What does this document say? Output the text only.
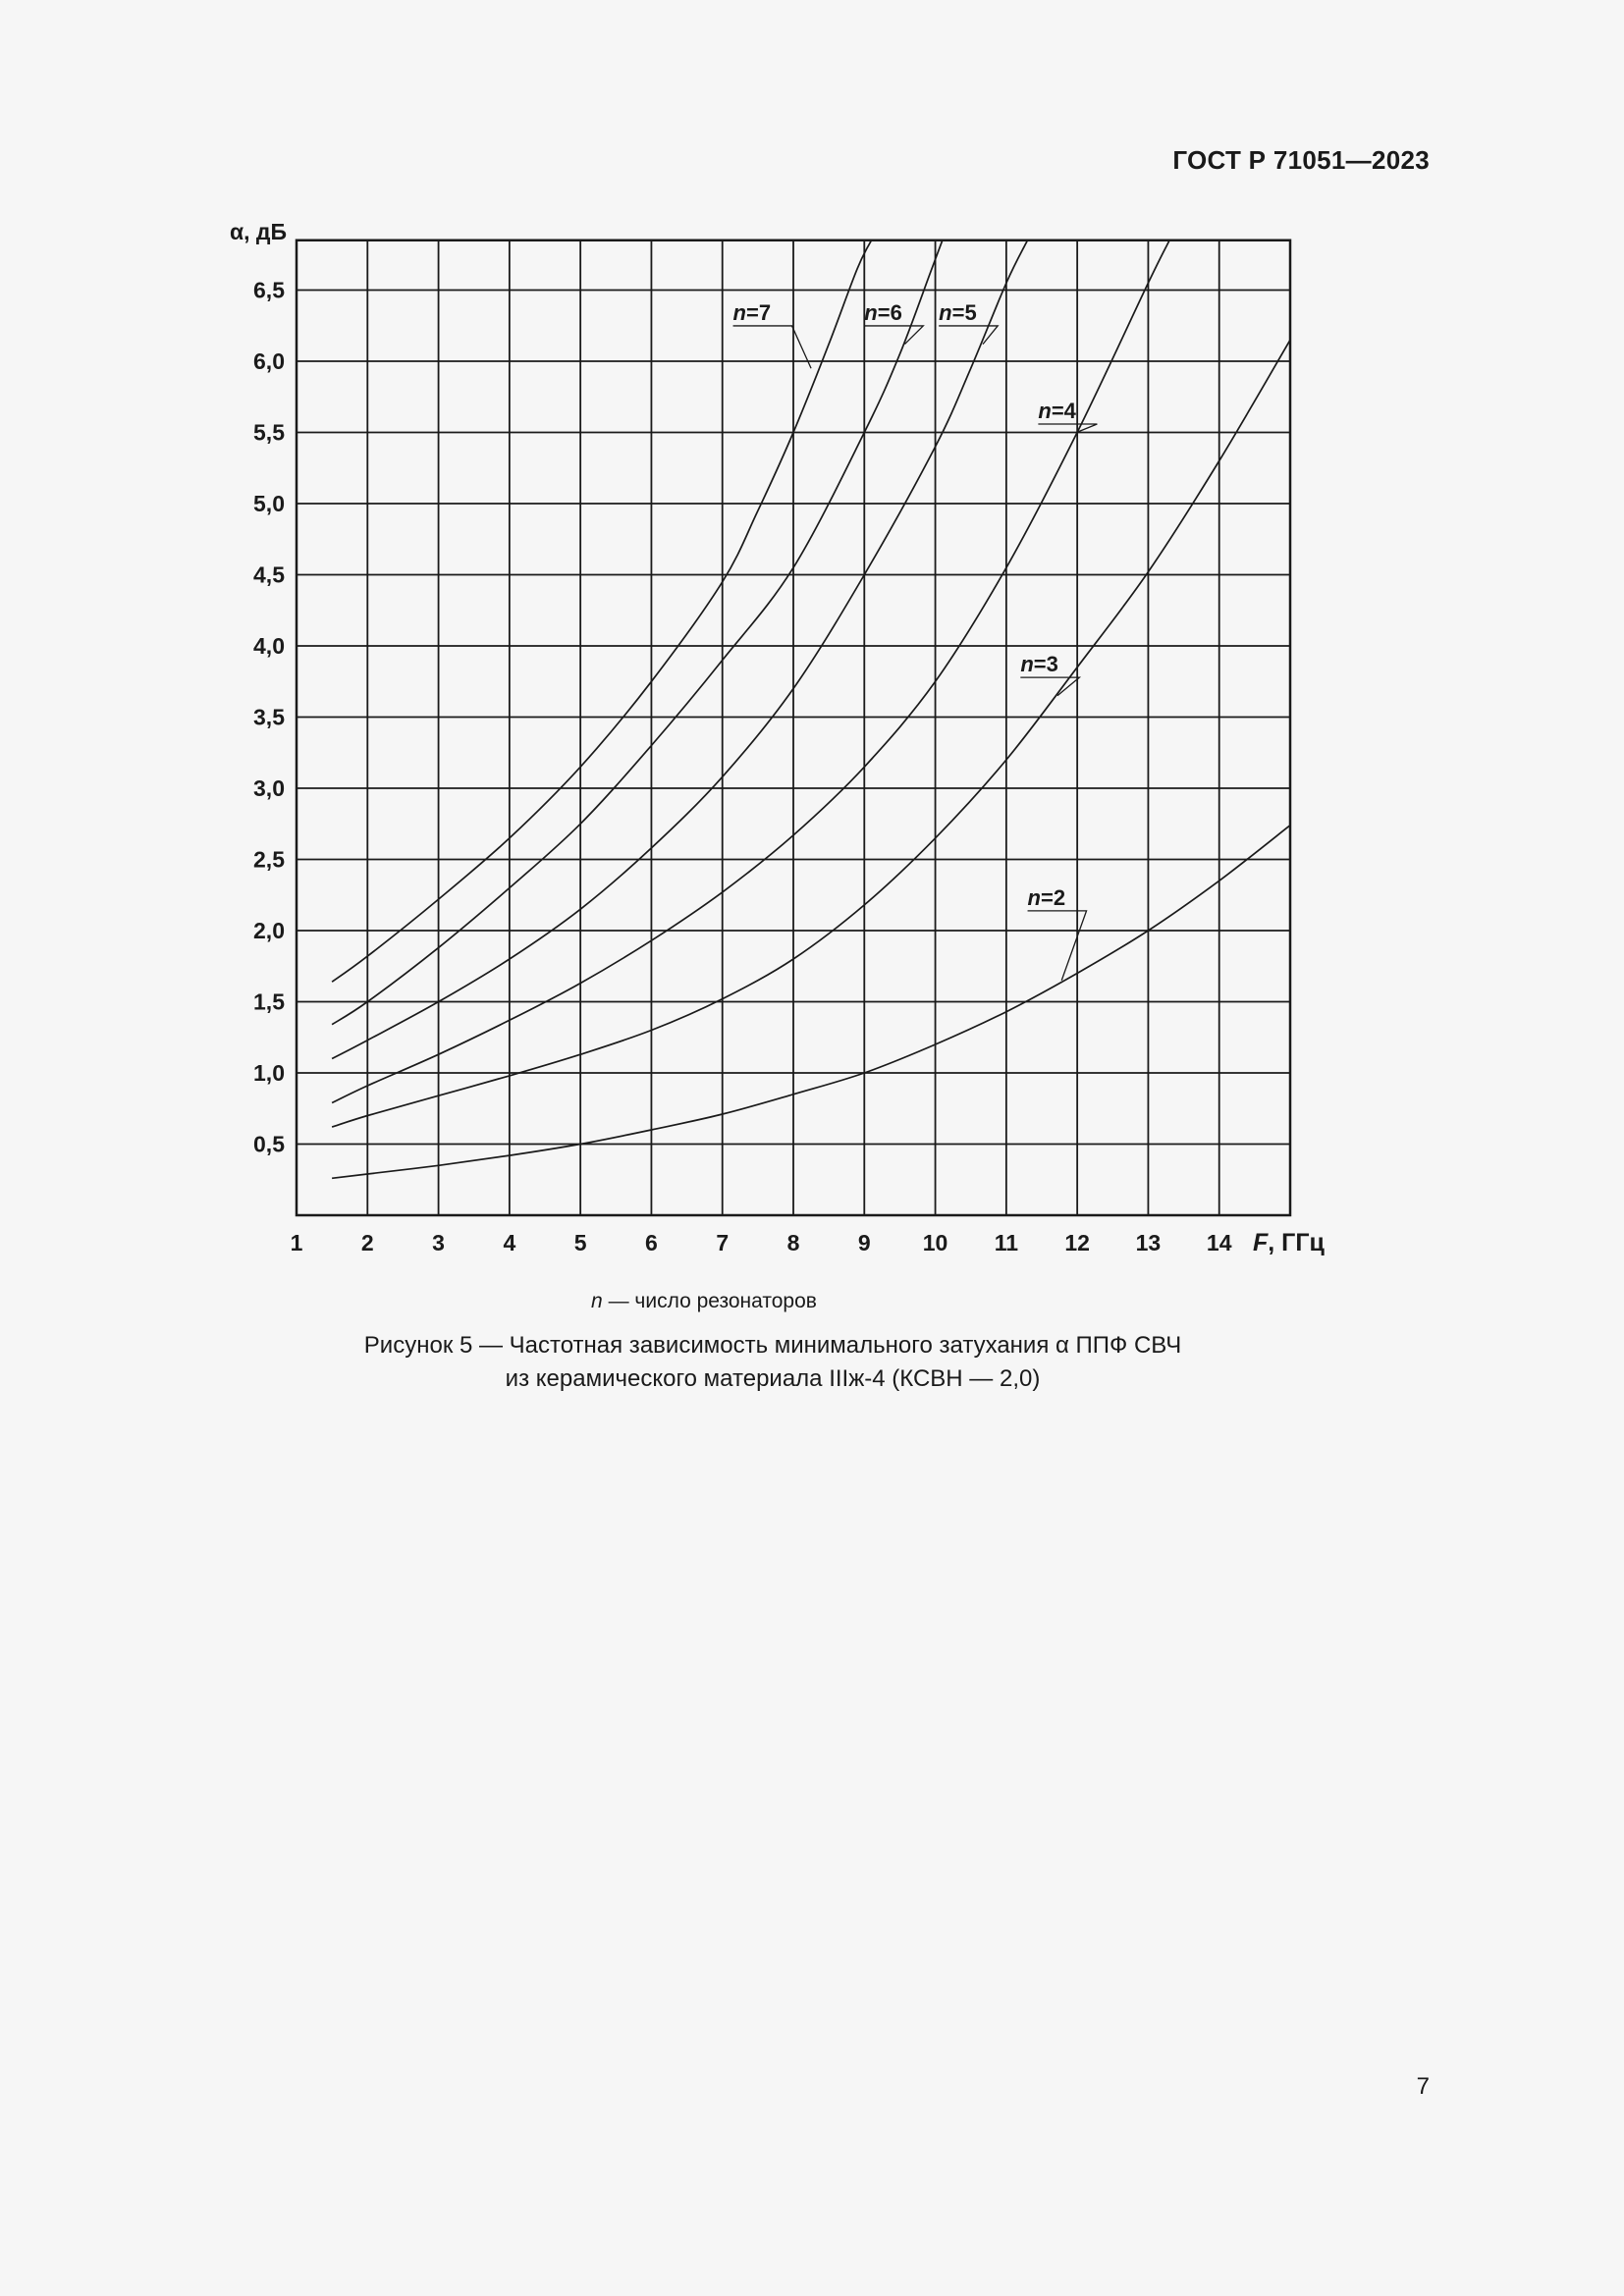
ГОСТ Р 71051—2023
n=2
n=3
n=4
n=5
n=6
n=7
1	2	3	4	5	6	7	8	9 10 11 12 13 14
0,5
1,0
1,5
2,0
2,5
3,0
3,5
4,0
4,5
5,0
5,5
6,0
6,5
α, дБ
F, ГГц
n — число резонаторов
Рисунок 5 — Частотная зависимость минимального затухания α ППФ СВЧ
из керамического материала IIIж-4 (КСВН — 2,0)
7
